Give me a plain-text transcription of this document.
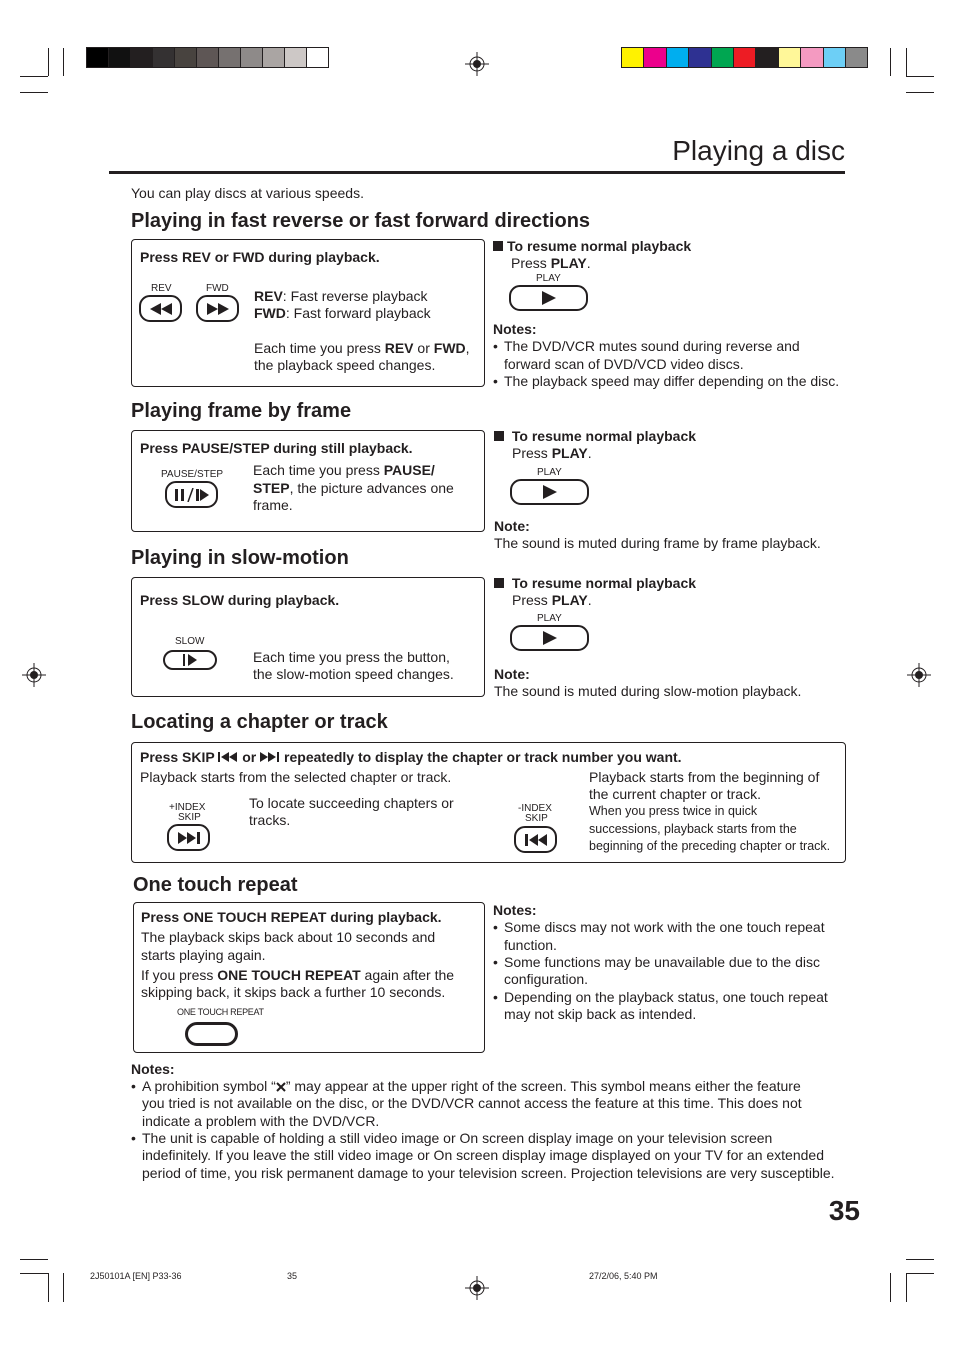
Playing a disc
You can play discs at various speeds.
Playing in fast reverse or fast forward directions
Press REV or FWD during playback.
REV	FWD REV: Fast reverse playback
FWD: Fast forward playback
Each time you press REV or FWD,
the playback speed changes.
To resume normal playback
Press PLAY.
PLAY
Notes:
• The DVD/VCR mutes sound during reverse and
forward scan of DVD/VCD video discs.
• The playback speed may differ depending on the disc.
Playing frame by frame
Press PAUSE/STEP during still playback.
PAUSE/STEP Each time you press PAUSE/
STEP, the picture advances one
frame.
To resume normal playback
Press PLAY.
PLAY
Note:
The sound is muted during frame by frame playback.
Playing in slow-motion
Press SLOW during playback.
SLOW
Each time you press the button,
the slow-motion speed changes.
To resume normal playback
Press PLAY.
PLAY
Note:
The sound is muted during slow-motion playback.
Locating a chapter or track
Press SKIP  or  repeatedly to display the chapter or track number you want.
Playback starts from the selected chapter or track.
+INDEX
SKIP
To locate succeeding chapters or
tracks.
-INDEX
SKIP
Playback starts from the beginning of
the current chapter or track.
When you press twice in quick
successions, playback starts from the
beginning of the preceding chapter or track.
One touch repeat
Press ONE TOUCH REPEAT during playback.
The playback skips back about 10 seconds and
starts playing again.
If you press ONE TOUCH REPEAT again after the
skipping back, it skips back a further 10 seconds.
ONE TOUCH REPEAT
Notes:
• Some discs may not work with the one touch repeat
function.
• Some functions may be unavailable due to the disc
configuration.
• Depending on the playback status, one touch repeat
may not skip back as intended.
Notes:
• A prohibition symbol “ ” may appear at the upper right of the screen. This symbol means either the feature
you tried is not available on the disc, or the DVD/VCR cannot access the feature at this time. This does not
indicate a problem with the DVD/VCR.
• The unit is capable of holding a still video image or On screen display image on your television screen
indefinitely. If you leave the still video image or On screen display image displayed on your TV for an extended
period of time, you risk permanent damage to your television screen. Projection televisions are very susceptible.
35
2J50101A [EN] P33-36	35	27/2/06, 5:40 PM
